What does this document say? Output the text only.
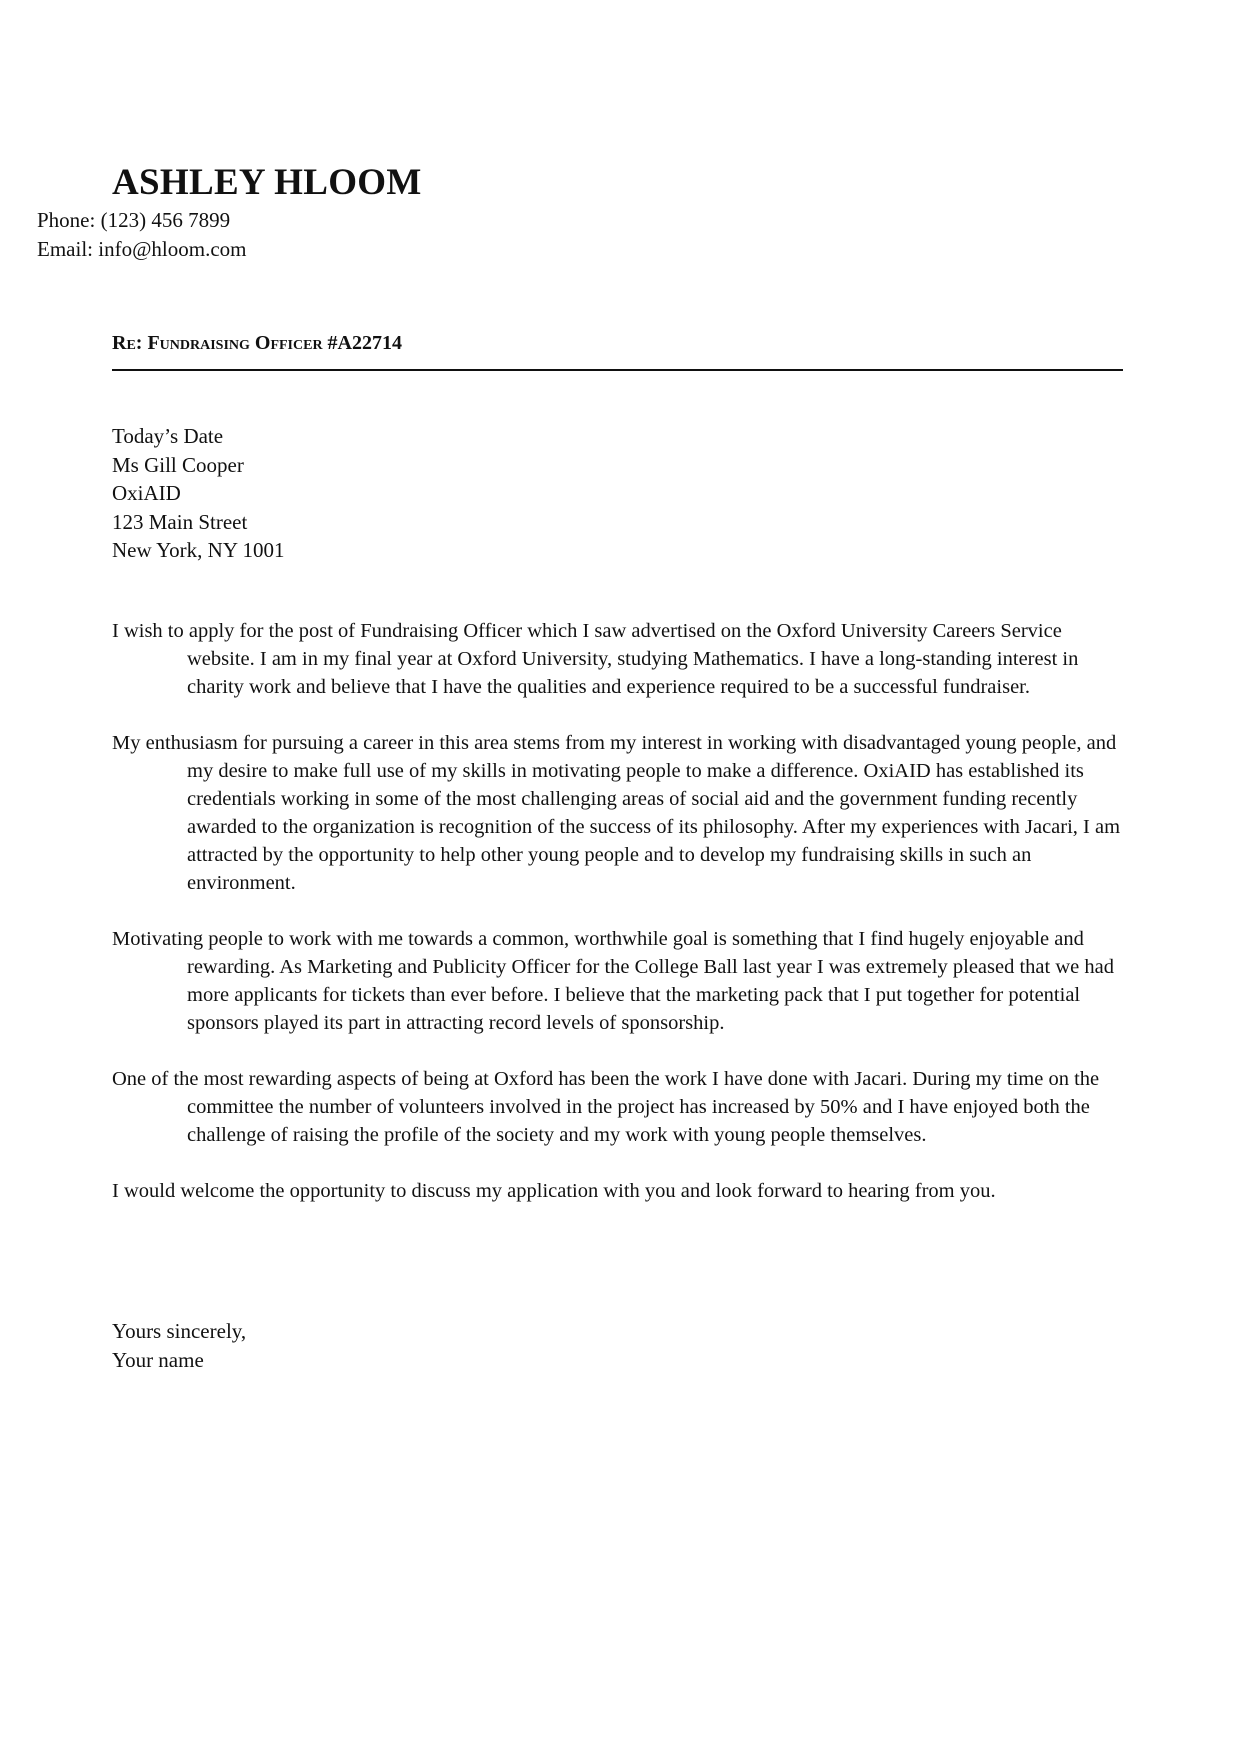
ASHLEY HLOOM
Phone: (123) 456 7899
Email: info@hloom.com
Re: Fundraising Officer #A22714
Today’s Date
Ms Gill Cooper
OxiAID
123 Main Street
New York, NY 1001

I wish to apply for the post of Fundraising Officer which I saw advertised on the Oxford University Careers Service website. I am in my final year at Oxford University, studying Mathematics. I have a long-standing interest in charity work and believe that I have the qualities and experience required to be a successful fundraiser.

My enthusiasm for pursuing a career in this area stems from my interest in working with disadvantaged young people, and my desire to make full use of my skills in motivating people to make a difference. OxiAID has established its credentials working in some of the most challenging areas of social aid and the government funding recently awarded to the organization is recognition of the success of its philosophy. After my experiences with Jacari, I am attracted by the opportunity to help other young people and to develop my fundraising skills in such an environment.

Motivating people to work with me towards a common, worthwhile goal is something that I find hugely enjoyable and rewarding. As Marketing and Publicity Officer for the College Ball last year I was extremely pleased that we had more applicants for tickets than ever before. I believe that the marketing pack that I put together for potential sponsors played its part in attracting record levels of sponsorship.

One of the most rewarding aspects of being at Oxford has been the work I have done with Jacari. During my time on the committee the number of volunteers involved in the project has increased by 50% and I have enjoyed both the challenge of raising the profile of the society and my work with young people themselves.

I would welcome the opportunity to discuss my application with you and look forward to hearing from you.

Yours sincerely,
Your name
